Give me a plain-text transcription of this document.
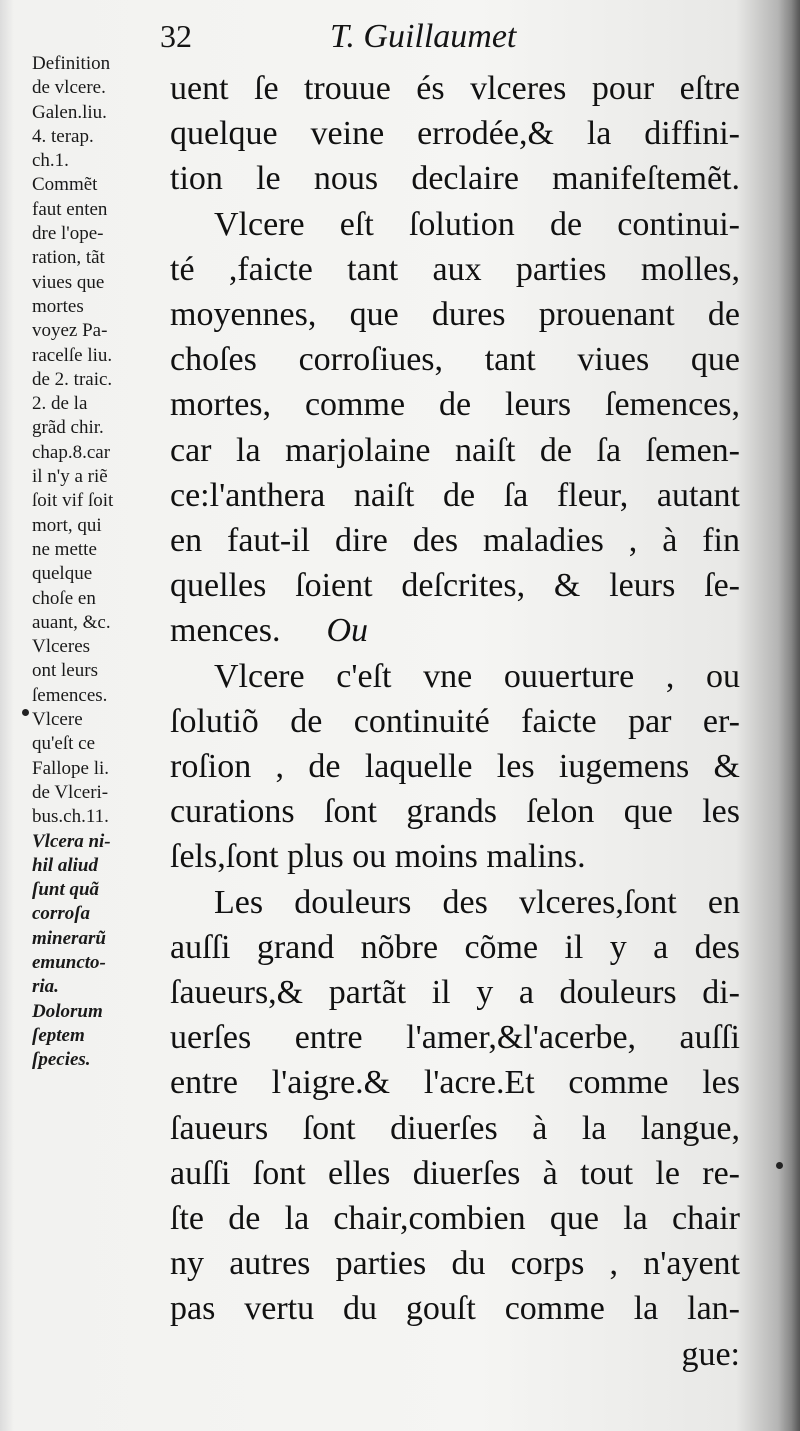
32	T. Guillaumet
Definition
de vlcere.
Galen.liu.
4. terap.
ch.1.
Commẽt
faut enten
dre l'ope-
ration, tãt
viues que
mortes
voyez Pa-
racelſe liu.
de 2. traic.
2. de la
grãd chir.
chap.8.car
il n'y a riẽ
ſoit vif ſoit
mort, qui
ne mette
quelque
choſe en
auant, &c.
Vlceres
ont leurs
ſemences.
Vlcere
qu'eſt ce
Fallope li.
de Vlceri-
bus.ch.11.
Vlcera ni-
hil aliud
ſunt quã
corroſa
minerarũ
emunctο-
ria.
Dolorum
ſeptem
ſpecies.
uent ſe trouue és vlceres pour eſtre
quelque veine errodée,& la diffini-
tion le nous declaire manifeſtemẽt.
Vlcere eſt ſolution de continui-
té ,faicte tant aux parties molles,
moyennes, que dures prouenant de
choſes corroſiues, tant viues que
mortes, comme de leurs ſemences,
car la marjolaine naiſt de ſa ſemen-
ce:l'anthera naiſt de ſa fleur, autant
en faut-il dire des maladies , à fin
quelles ſoient deſcrites, & leurs ſe-
mences. Ou
Vlcere c'eſt vne ouuerture , ou
ſolutiõ de continuité faicte par er-
roſion , de laquelle les iugemens &
curations ſont grands ſelon que les
ſels,ſont plus ou moins malins.
Les douleurs des vlceres,ſont en
auſſi grand nõbre cõme il y a des
ſaueurs,& partãt il y a douleurs di-
uerſes entre l'amer,&l'acerbe, auſſi
entre l'aigre.& l'acre.Et comme les
ſaueurs ſont diuerſes à la langue,
auſſi ſont elles diuerſes à tout le re-
ſte de la chair,combien que la chair
ny autres parties du corps , n'ayent
pas vertu du gouſt comme la lan-
gue:
